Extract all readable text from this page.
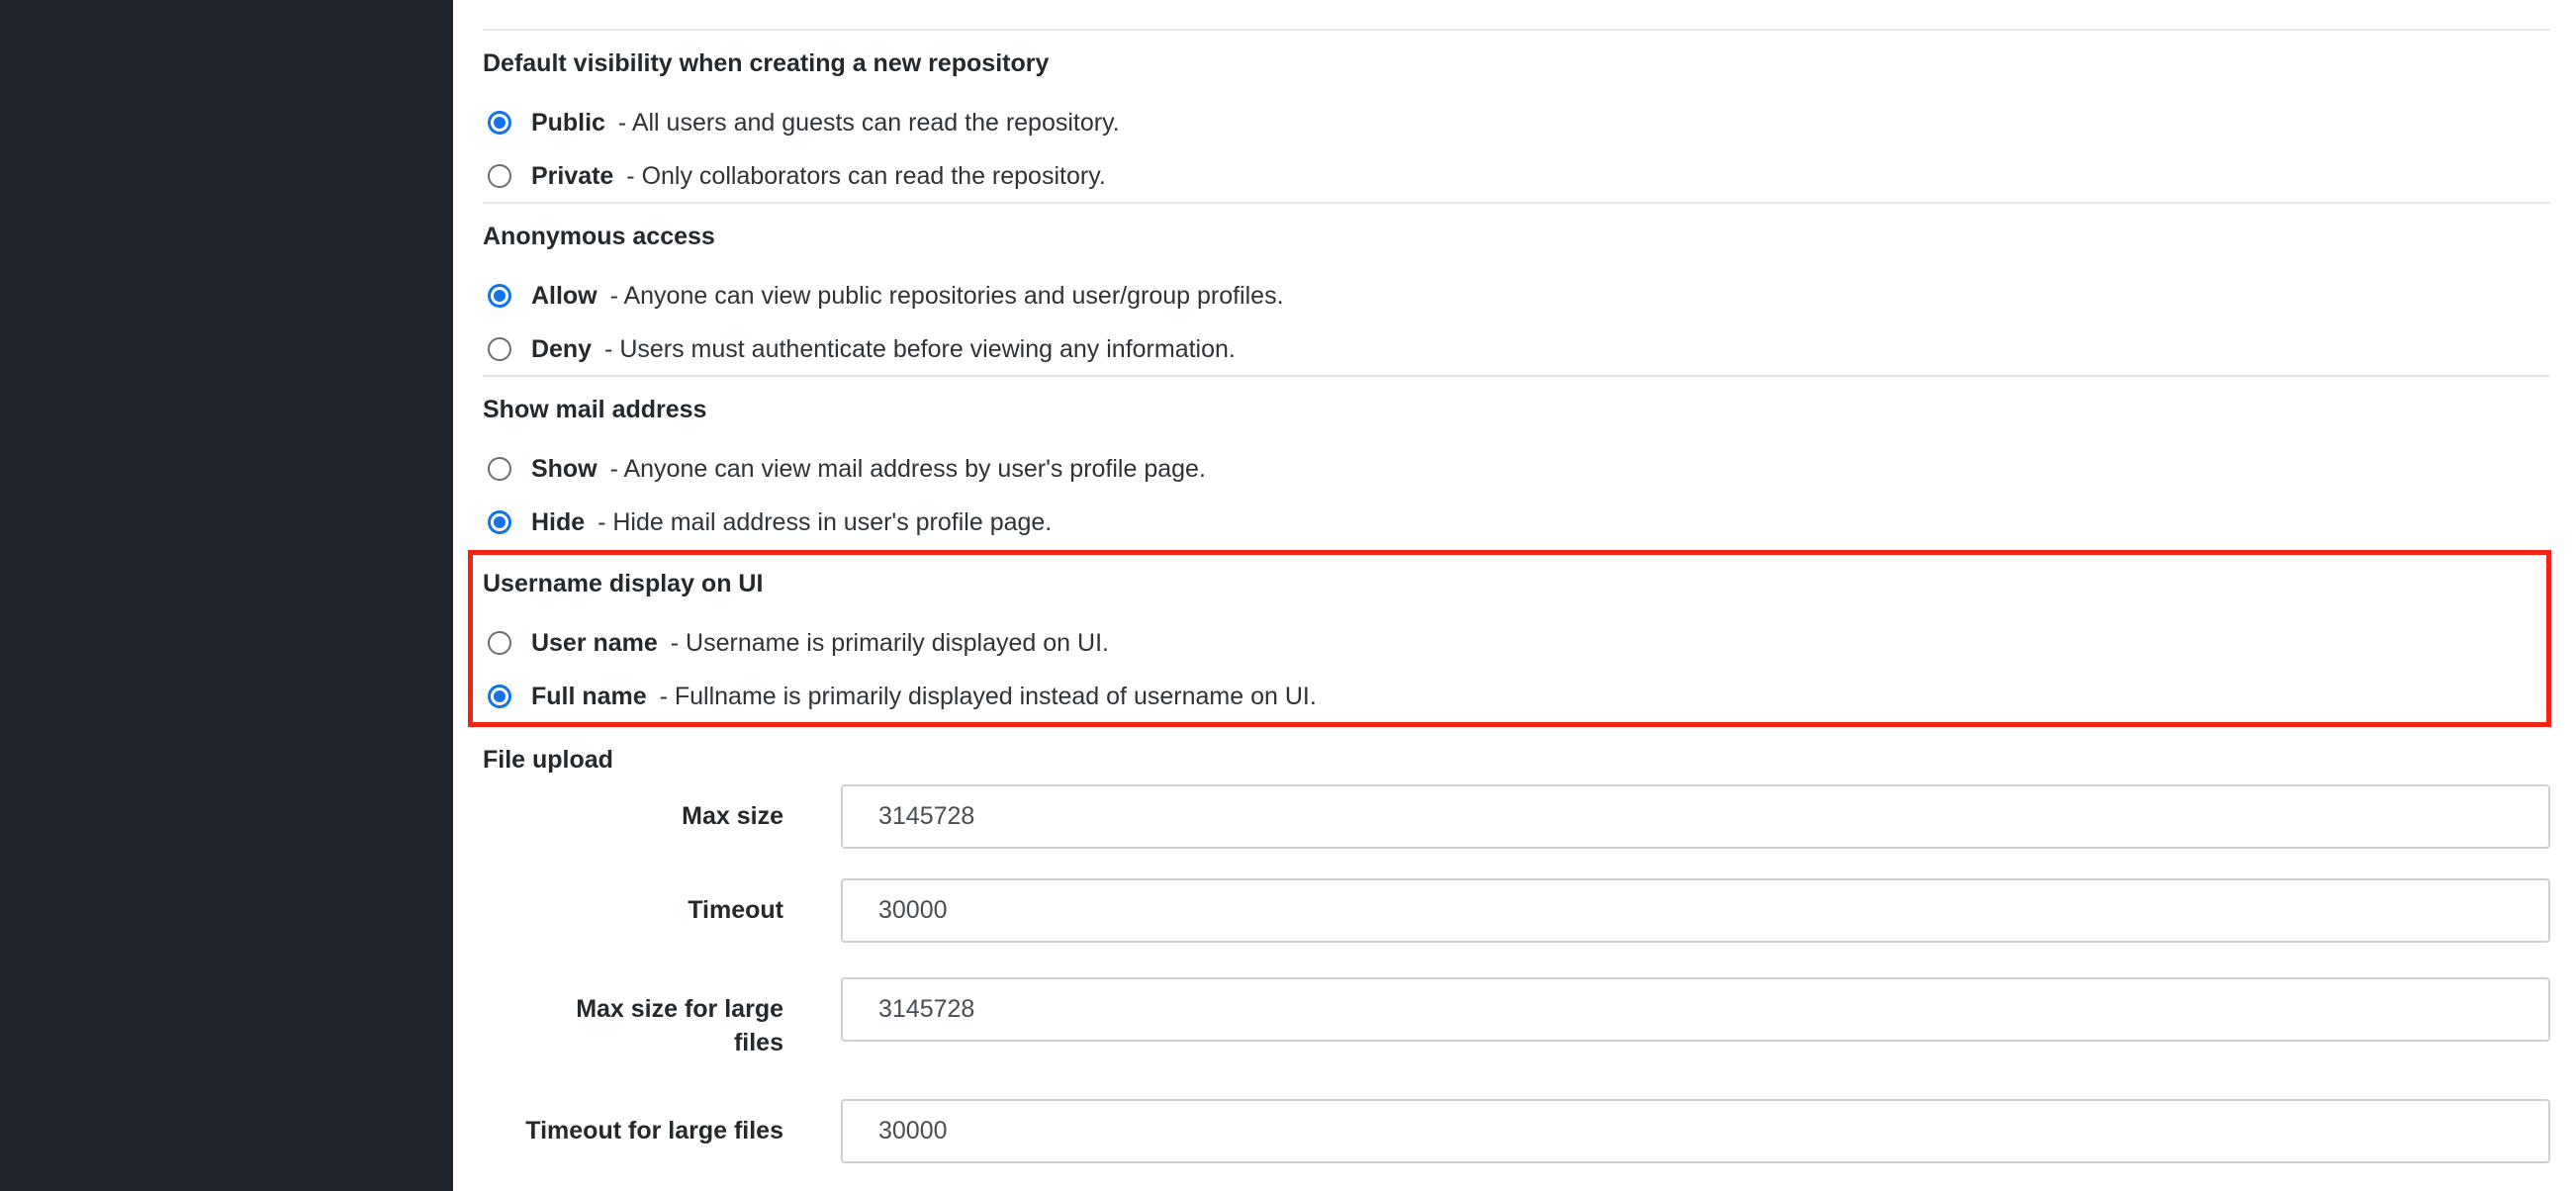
Default visibility when creating a new repository
Public - All users and guests can read the repository.
Private - Only collaborators can read the repository.
Anonymous access
Allow - Anyone can view public repositories and user/group profiles.
Deny - Users must authenticate before viewing any information.
Show mail address
Show - Anyone can view mail address by user's profile page.
Hide - Hide mail address in user's profile page.
Username display on UI
User name - Username is primarily displayed on UI.
Full name - Fullname is primarily displayed instead of username on UI.
File upload
Max size
3145728
Timeout
30000
Max size for large files
3145728
Timeout for large files
30000
